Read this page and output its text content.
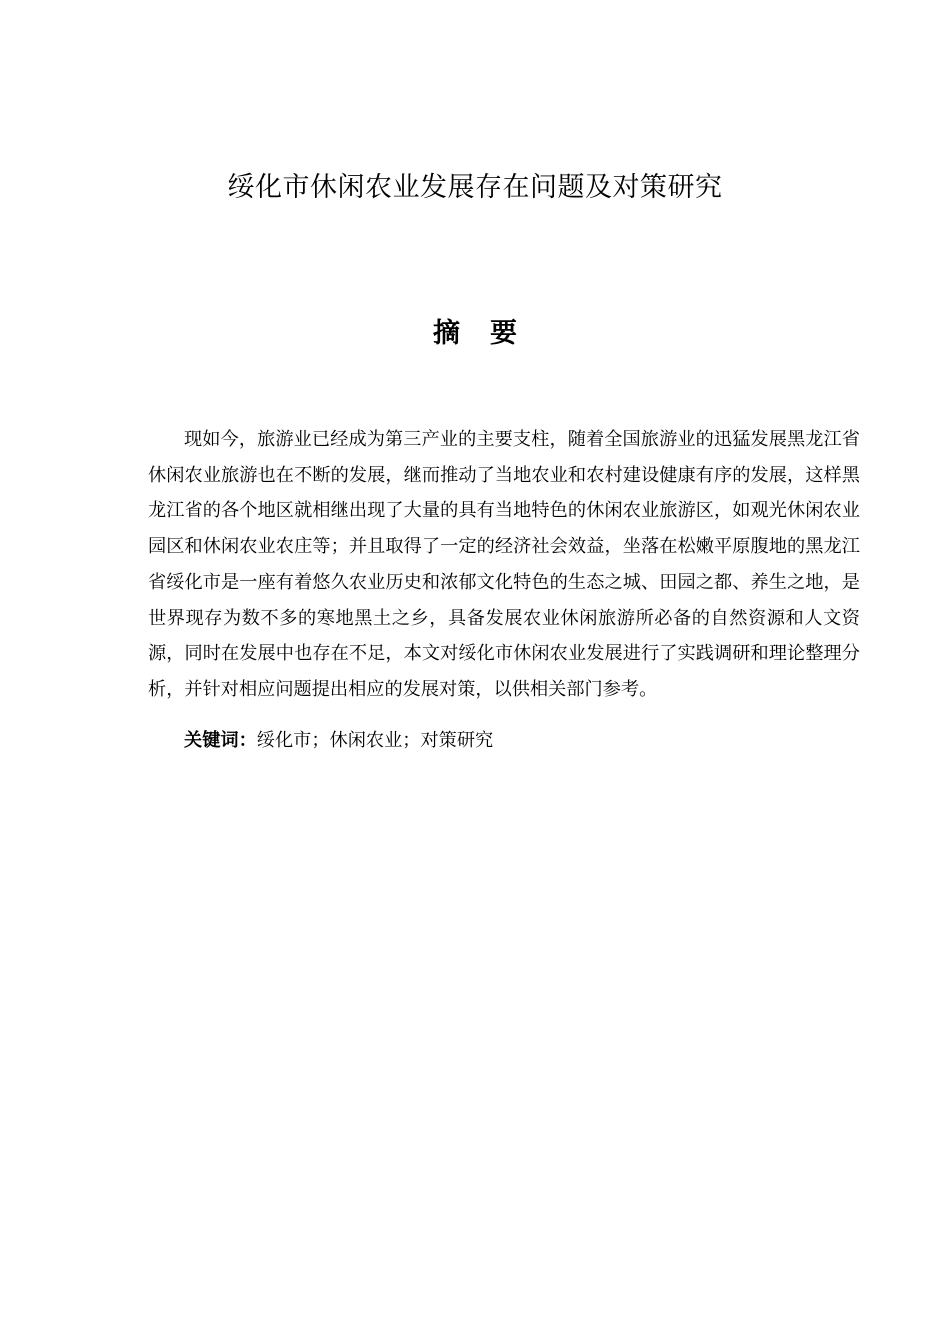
绥化市休闲农业发展存在问题及对策研究
摘要

现如今，旅游业已经成为第三产业的主要支柱，随着全国旅游业的迅猛发展黑龙江省休闲农业旅游也在不断的发展，继而推动了当地农业和农村建设健康有序的发展，这样黑龙江省的各个地区就相继出现了大量的具有当地特色的休闲农业旅游区，如观光休闲农业园区和休闲农业农庄等；并且取得了一定的经济社会效益，坐落在松嫩平原腹地的黑龙江省绥化市是一座有着悠久农业历史和浓郁文化特色的生态之城、田园之都、养生之地，是世界现存为数不多的寒地黑土之乡，具备发展农业休闲旅游所必备的自然资源和人文资源，同时在发展中也存在不足，本文对绥化市休闲农业发展进行了实践调研和理论整理分析，并针对相应问题提出相应的发展对策，以供相关部门参考。

关键词：绥化市；休闲农业；对策研究
